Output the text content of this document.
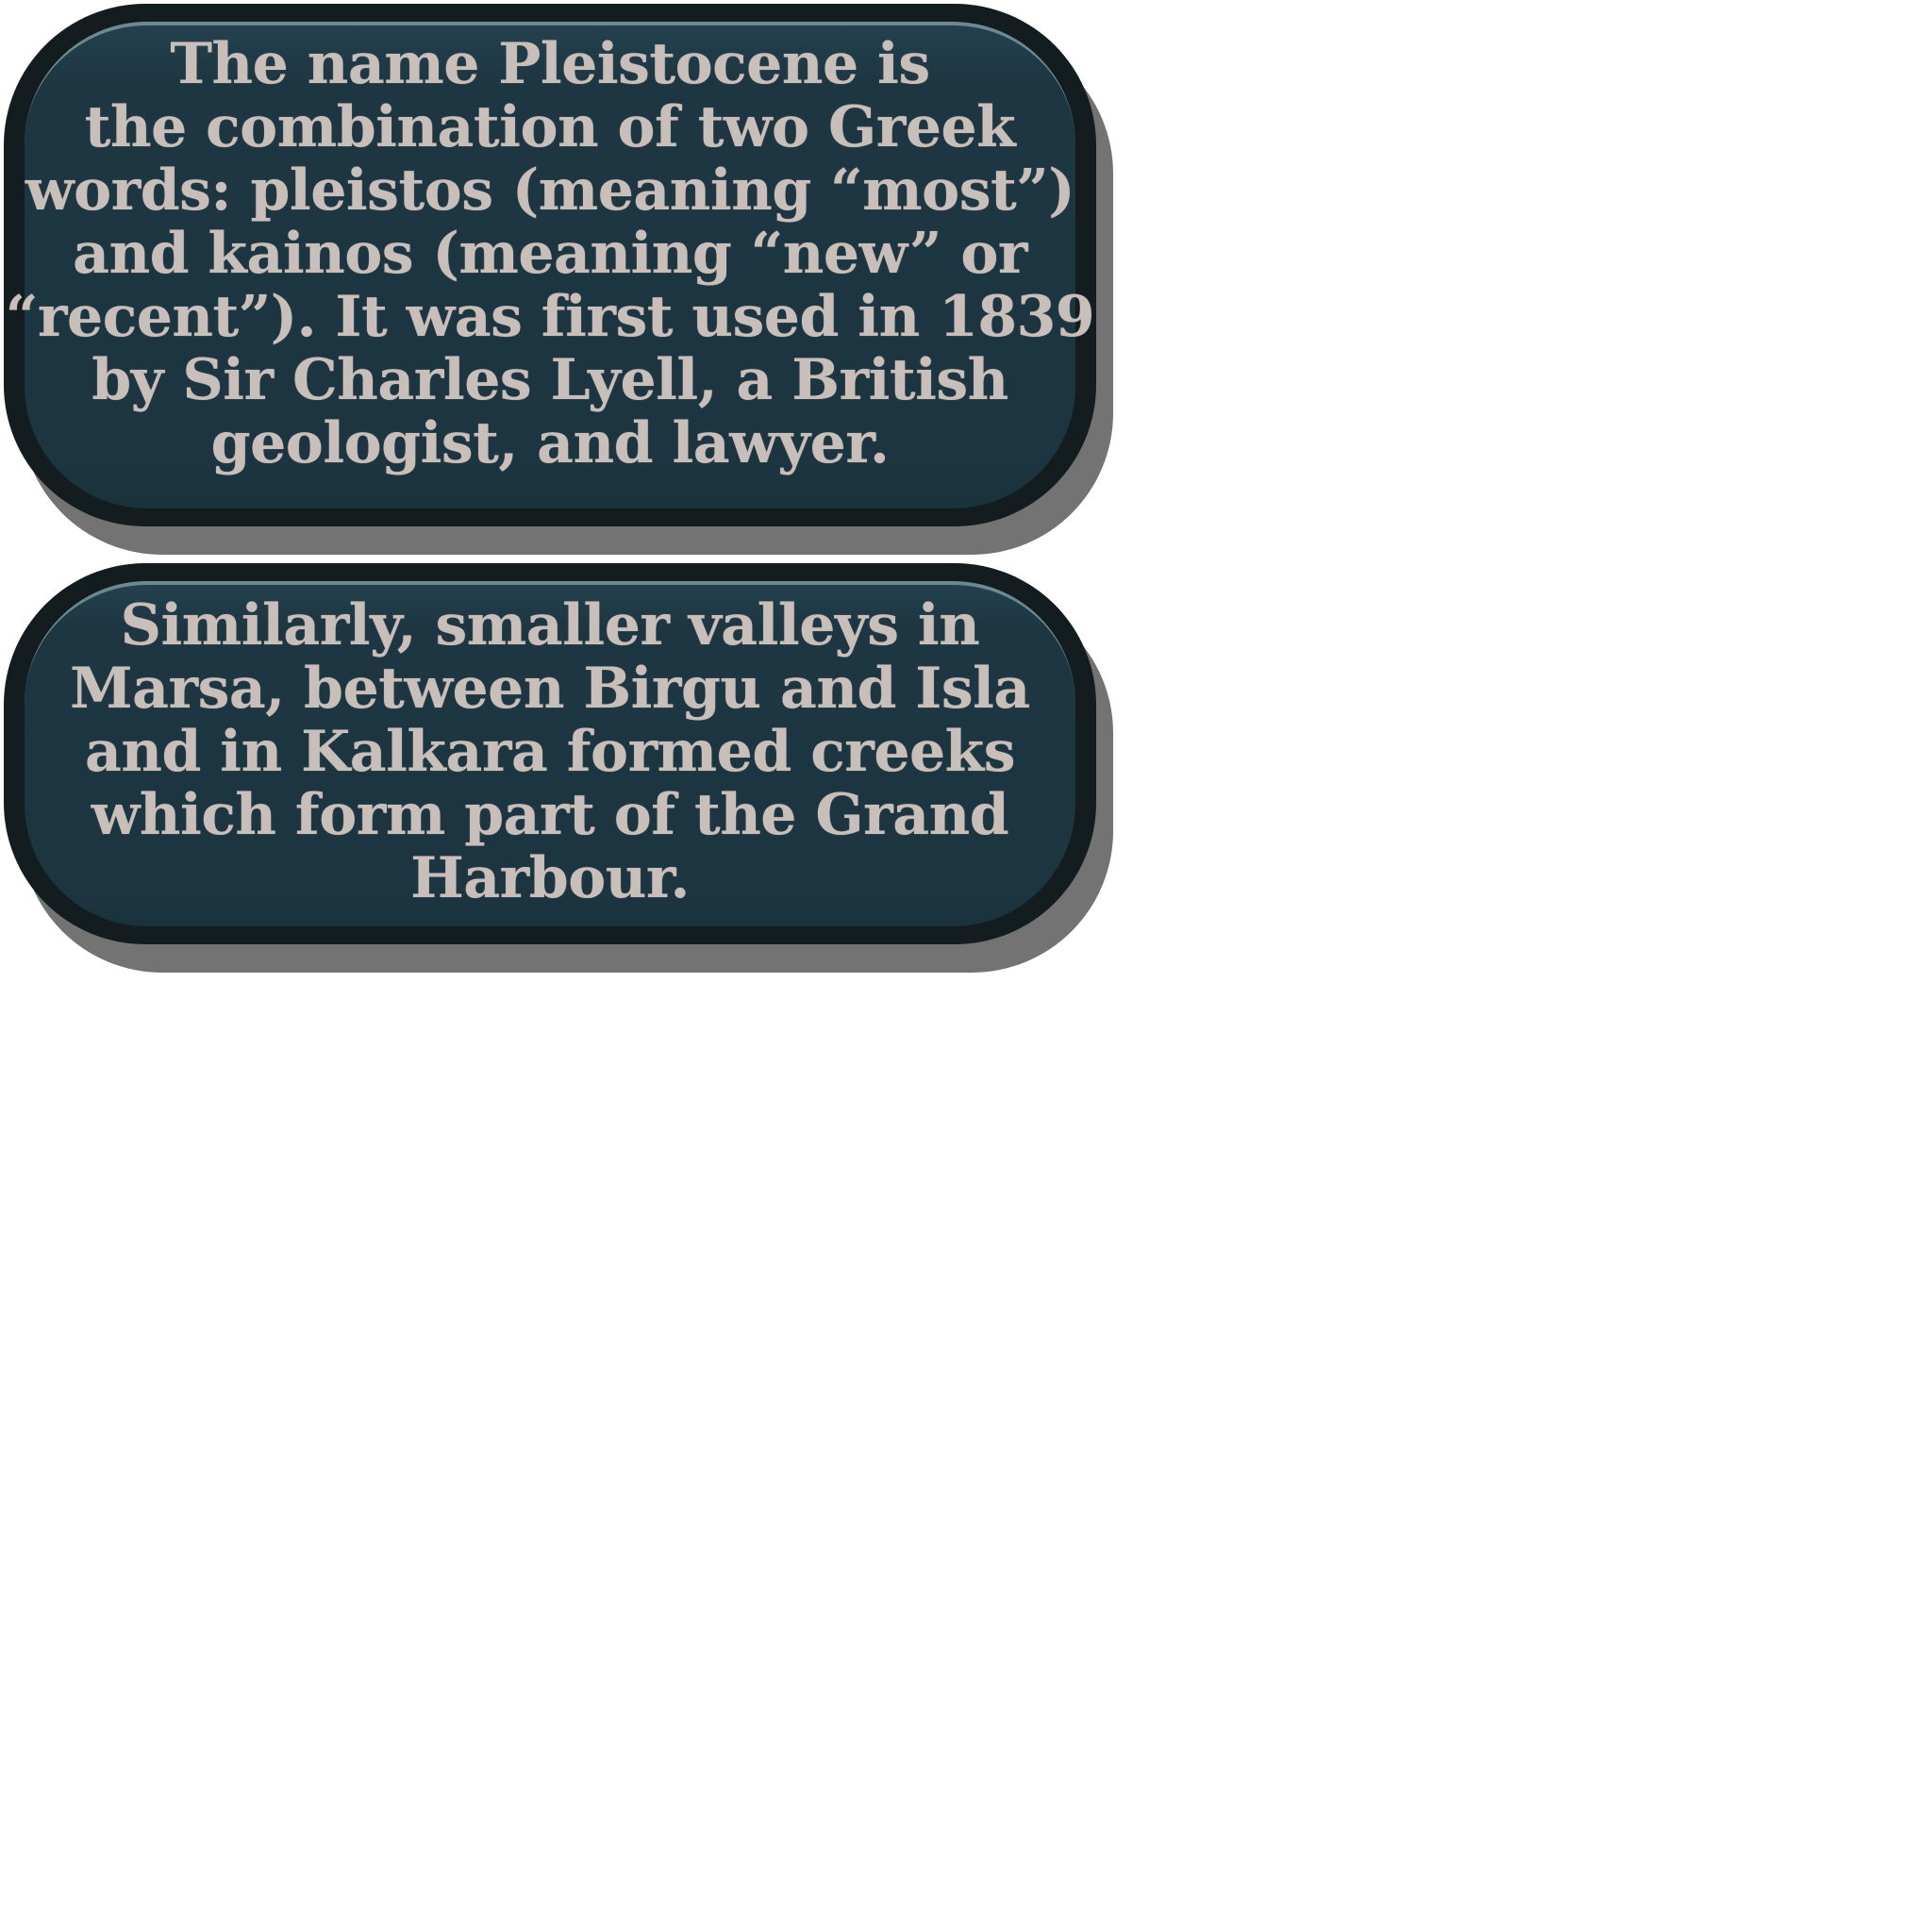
The name Pleistocene is
the combination of two Greek
words: pleistos (meaning “most”)
and kainos (meaning “new” or
“recent”). It was first used in 1839
by Sir Charles Lyell, a British
geologist, and lawyer.

Similarly, smaller valleys in
Marsa, between Birgu and Isla
and in Kalkara formed creeks
which form part of the Grand
Harbour.
